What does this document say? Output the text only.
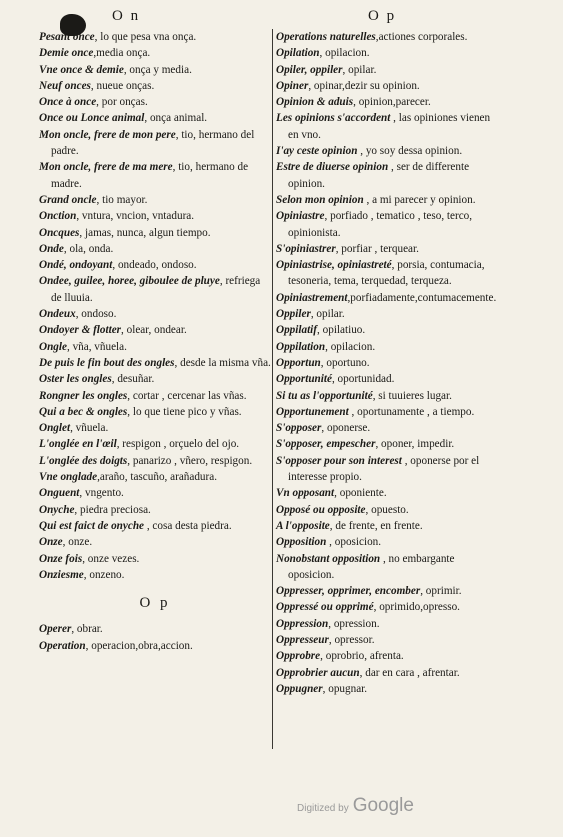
O n	O p
Pesant once, lo que pesa vna onça.
Demie once,media onça.
Vne once & demie, onça y media.
Neuf onces, nueue onças.
Once à once, por onças.
Once ou Lonce animal, onça animal.
Mon oncle, frere de mon pere, tio, hermano del padre.
Mon oncle, frere de ma mere, tio, hermano de madre.
Grand oncle, tio mayor.
Onction, vntura, vncion, vntadura.
Oncques, jamas, nunca, algun tiempo.
Onde, ola, onda.
Ondé, ondoyant, ondeado, ondoso.
Ondee, guilee, horee, giboulee de pluye, refriega de lluuia.
Ondeux, ondoso.
Ondoyer & flotter, olear, ondear.
Ongle, vña, vñuela.
De puis le fin bout des ongles, desde la misma vña.
Oster les ongles, desuñar.
Rongner les ongles, cortar , cercenar las vñas.
Qui a bec & ongles, lo que tiene pico y vñas.
Onglet, vñuela.
L'onglée en l'œil, respigon , orçuelo del ojo.
L'onglée des doigts, panarizo , vñero, respigon.
Vne onglade,araño, tascuño, arañadura.
Onguent, vngento.
Onyche, piedra preciosa.
Qui est faict de onyche , cosa desta piedra.
Onze, onze.
Onze fois, onze vezes.
Onziesme, onzeno.
O p
Operer, obrar.
Operation, operacion,obra,accion.
Operations naturelles,actiones corporales.
Opilation, opilacion.
Opiler, oppiler, opilar.
Opiner, opinar,dezir su opinion.
Opinion & aduis, opinion,parecer.
Les opinions s'accordent , las opiniones vienen en vno.
I'ay ceste opinion , yo soy dessa opinion.
Estre de diuerse opinion , ser de differente opinion.
Selon mon opinion , a mi parecer y opinion.
Opiniastre, porfiado , tematico , teso, terco, opinionista.
S'opiniastrer, porfiar , terquear.
Opiniastrise, opiniastreté, porsia, contumacia, tesoneria, tema, terquedad, terqueza.
Opiniastrement,porfiadamente,contumacemente.
Oppiler, opilar.
Oppilatif, opilatiuo.
Oppilation, opilacion.
Opportun, oportuno.
Opportunité, oportunidad.
Si tu as l'opportunité, si tuuieres lugar.
Opportunement , oportunamente , a tiempo.
S'opposer, oponerse.
S'opposer, empescher, oponer, impedir.
S'opposer pour son interest , oponerse por el interesse propio.
Vn opposant, oponiente.
Opposé ou opposite, opuesto.
A l'opposite, de frente, en frente.
Opposition , oposicion.
Nonobstant opposition , no embargante oposicion.
Oppresser, opprimer, encomber, oprimir.
Oppressé ou opprimé, oprimido,opresso.
Oppression, opression.
Oppresseur, opressor.
Opprobre, oprobrio, afrenta.
Opprobrier aucun, dar en cara , afrentar.
Oppugner, opugnar.
Digitized by Google
